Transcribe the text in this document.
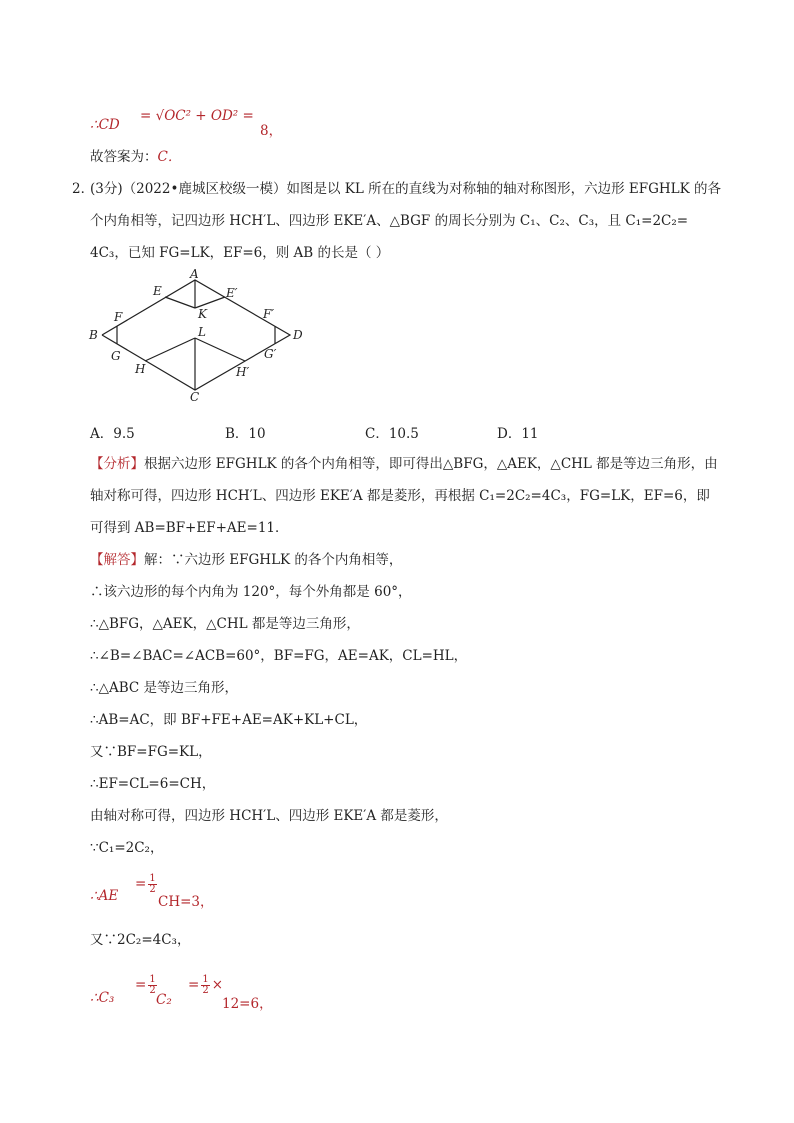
∴CD
= √OC² + OD² =
8，
故答案为：C．
2．
(3分)（2022•鹿城区校级一模）如图是以 KL 所在的直线为对称轴的轴对称图形，六边形 EFGHLK 的各
个内角相等，记四边形 HCH′L、四边形 EKE′A、△BGF 的周长分别为 C₁、C₂、C₃，且 C₁=2C₂=
4C₃，已知 FG=LK，EF=6，则 AB 的长是（ ）
A
E	E′
K
F	F′
B	D
L
G	G′
H	H′
C
A．9.5	B．10	C．10.5	D．11
【分析】根据六边形 EFGHLK 的各个内角相等，即可得出△BFG，△AEK，△CHL 都是等边三角形，由
轴对称可得，四边形 HCH′L、四边形 EKE′A 都是菱形，再根据 C₁=2C₂=4C₃，FG=LK，EF=6，即
可得到 AB=BF+EF+AE=11．
【解答】解：∵六边形 EFGHLK 的各个内角相等，
∴该六边形的每个内角为 120°，每个外角都是 60°，
∴△BFG，△AEK，△CHL 都是等边三角形，
∴∠B=∠BAC=∠ACB=60°，BF=FG，AE=AK，CL=HL，
∴△ABC 是等边三角形，
∴AB=AC，即 BF+FE+AE=AK+KL+CL，
又∵BF=FG=KL，
∴EF=CL=6=CH，
由轴对称可得，四边形 HCH′L、四边形 EKE′A 都是菱形，
∵C₁=2C₂，
∴AE
= $\frac{1}{2}$
CH=3，
又∵2C₂=4C₃，
∴C₃
= $\frac{1}{2}$
C₂
= $\frac{1}{2}$ ×
12=6，
